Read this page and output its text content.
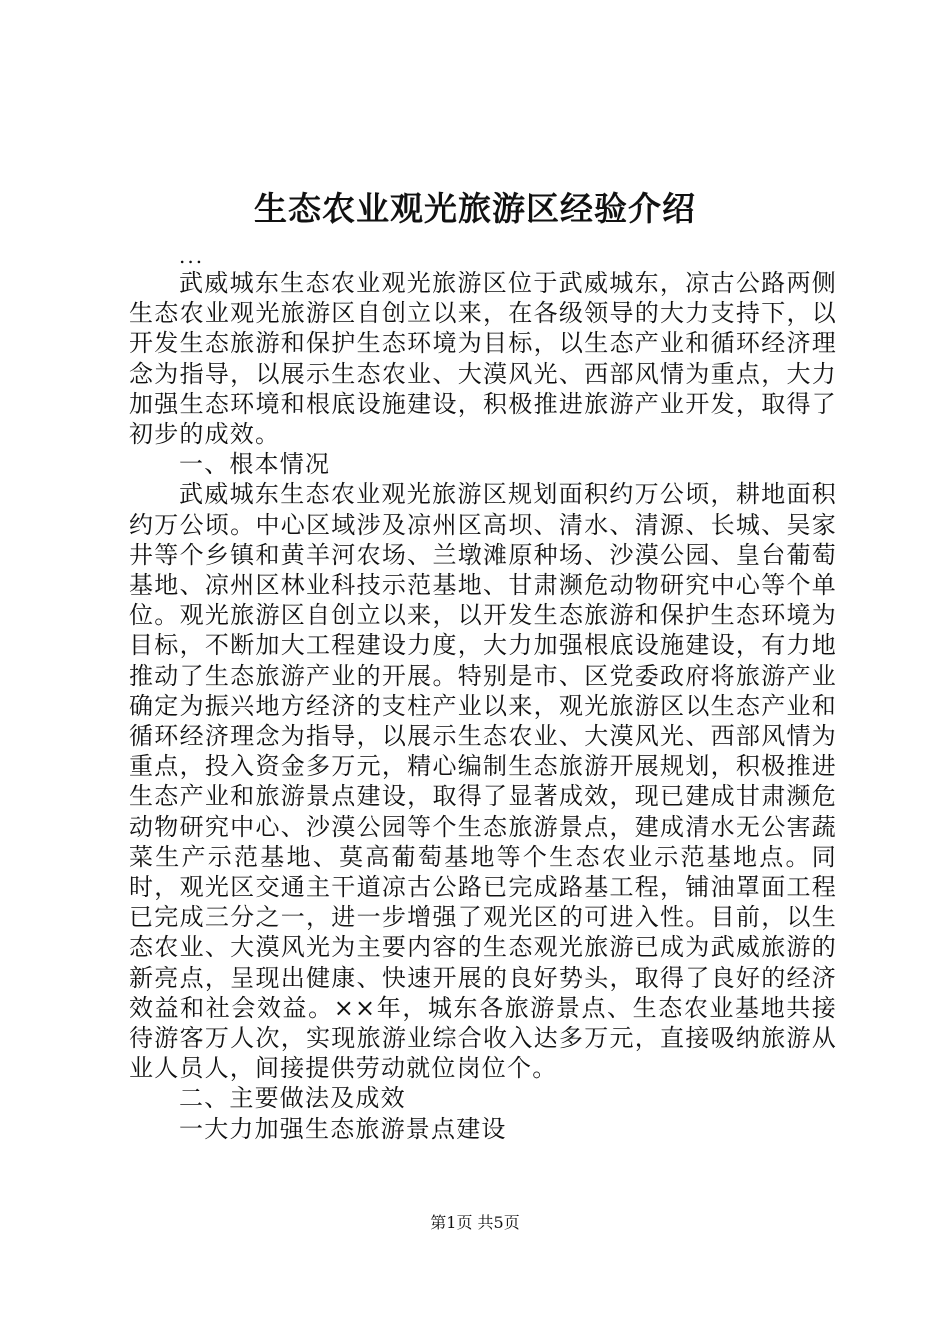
生态农业观光旅游区经验介绍

...

武威城东生态农业观光旅游区位于武威城东，凉古公路两侧生态农业观光旅游区自创立以来，在各级领导的大力支持下，以开发生态旅游和保护生态环境为目标，以生态产业和循环经济理念为指导，以展示生态农业、大漠风光、西部风情为重点，大力加强生态环境和根底设施建设，积极推进旅游产业开发，取得了初步的成效。

一、根本情况

武威城东生态农业观光旅游区规划面积约万公顷，耕地面积约万公顷。中心区域涉及凉州区高坝、清水、清源、长城、吴家井等个乡镇和黄羊河农场、兰墩滩原种场、沙漠公园、皇台葡萄基地、凉州区林业科技示范基地、甘肃濒危动物研究中心等个单位。观光旅游区自创立以来，以开发生态旅游和保护生态环境为目标，不断加大工程建设力度，大力加强根底设施建设，有力地推动了生态旅游产业的开展。特别是市、区党委政府将旅游产业确定为振兴地方经济的支柱产业以来，观光旅游区以生态产业和循环经济理念为指导，以展示生态农业、大漠风光、西部风情为重点，投入资金多万元，精心编制生态旅游开展规划，积极推进生态产业和旅游景点建设，取得了显著成效，现已建成甘肃濒危动物研究中心、沙漠公园等个生态旅游景点，建成清水无公害蔬菜生产示范基地、莫高葡萄基地等个生态农业示范基地点。同时，观光区交通主干道凉古公路已完成路基工程，铺油罩面工程已完成三分之一，进一步增强了观光区的可进入性。目前，以生态农业、大漠风光为主要内容的生态观光旅游已成为武威旅游的新亮点，呈现出健康、快速开展的良好势头，取得了良好的经济效益和社会效益。××年，城东各旅游景点、生态农业基地共接待游客万人次，实现旅游业综合收入达多万元，直接吸纳旅游从业人员人，间接提供劳动就位岗位个。

二、主要做法及成效

一大力加强生态旅游景点建设

第1页 共5页
